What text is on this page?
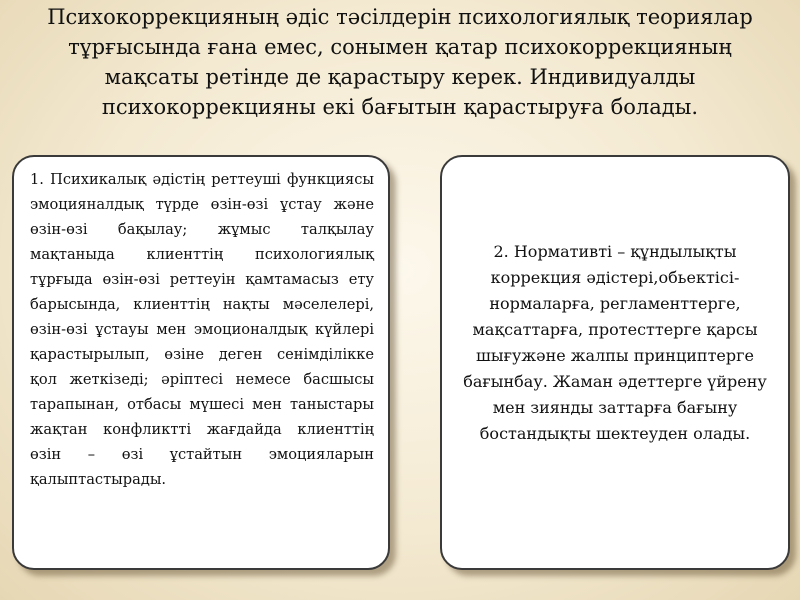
Психокоррекцияның әдіс тәсілдерін психологиялық теориялар тұрғысында ғана емес, сонымен қатар психокоррекцияның мақсаты ретінде де қарастыру керек. Индивидуалды психокоррекцияны екі бағытын қарастыруға болады.

1. Психикалық әдістің реттеуші функциясы эмоцияналдық түрде өзін-өзі ұстау және өзін-өзі бақылау; жұмыс талқылау мақтаныда клиенттің психологиялық тұрғыда өзін-өзі реттеуін қамтамасыз ету барысында, клиенттің нақты мәселелері, өзін-өзі ұстауы мен эмоционалдық күйлері қарастырылып, өзіне деген сенімділікке қол жеткізеді; әріптесі немесе басшысы тарапынан, отбасы мүшесі мен таныстары жақтан конфликтті жағдайда клиенттің өзін – өзі ұстайтын эмоцияларын қалыптастырады.

2. Нормативті – құндылықты коррекция әдістері,обьектісі-нормаларға, регламенттерге, мақсаттарға, протесттерге қарсы шығужәне жалпы принциптерге бағынбау. Жаман әдеттерге үйрену мен зиянды заттарға бағыну бостандықты шектеуден олады.
